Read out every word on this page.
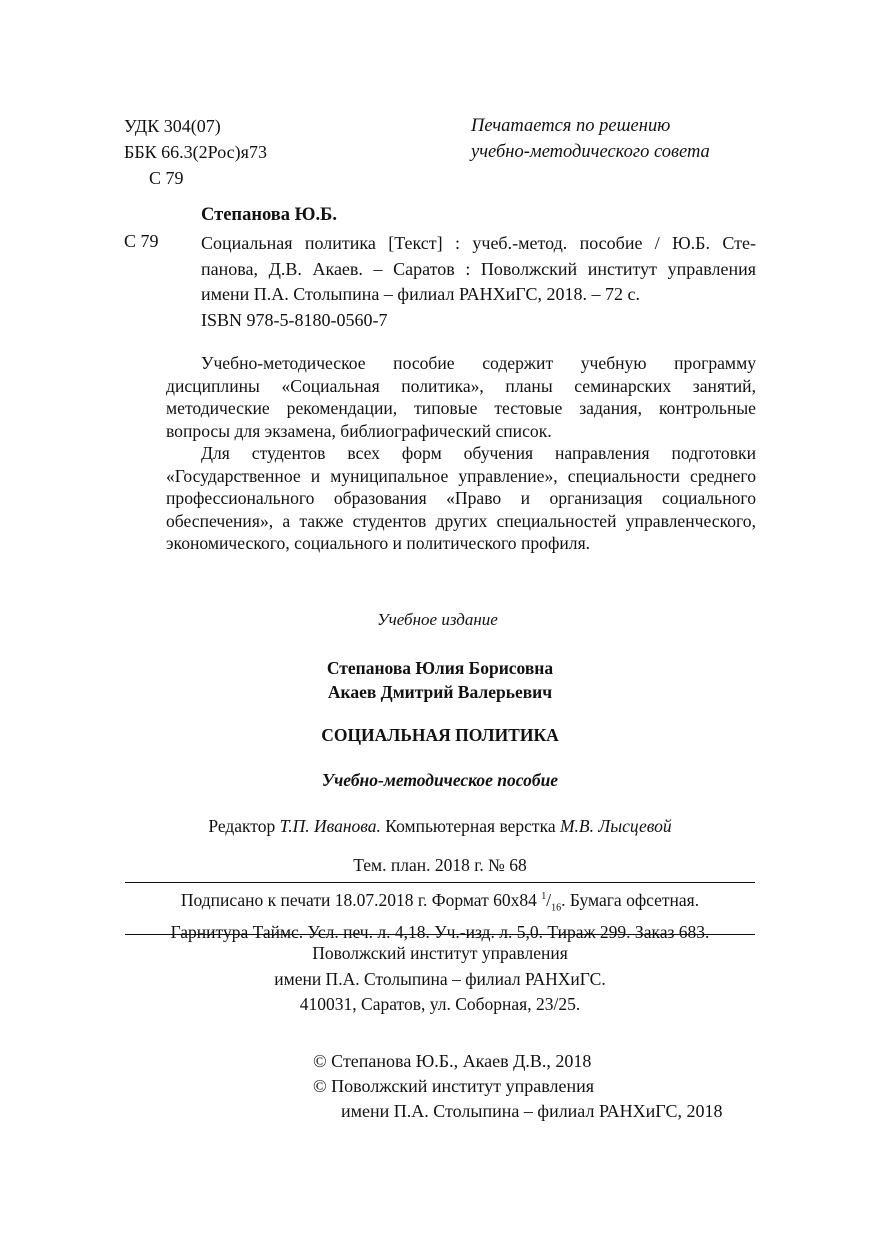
УДК 304(07)
ББК 66.3(2Рос)я73
С 79
Печатается по решению
учебно-методического совета
Степанова Ю.Б.
С 79 Социальная политика [Текст] : учеб.-метод. пособие / Ю.Б. Сте-
панова, Д.В. Акаев. – Саратов : Поволжский институт управления
имени П.А. Столыпина – филиал РАНХиГС, 2018. – 72 с.
ISBN 978-5-8180-0560-7

Учебно-методическое пособие содержит учебную программу дисциплины «Социальная политика», планы семинарских занятий, методические рекомендации, типовые тестовые задания, контрольные вопросы для экзамена, библиографический список.

Для студентов всех форм обучения направления подготовки «Государственное и муниципальное управление», специальности среднего профессионального образования «Право и организация социального обеспечения», а также студентов других специальностей управленческого, экономического, социального и политического профиля.

Учебное издание
Степанова Юлия Борисовна
Акаев Дмитрий Валерьевич
СОЦИАЛЬНАЯ ПОЛИТИКА
Учебно-методическое пособие
Редактор Т.П. Иванова. Компьютерная верстка М.В. Лысцевой
Тем. план. 2018 г. № 68
Подписано к печати 18.07.2018 г. Формат 60x84 $^1/_{16}$. Бумага офсетная.
Гарнитура Таймс. Усл. печ. л. 4,18. Уч.-изд. л. 5,0. Тираж 299. Заказ 683.
Поволжский институт управления
имени П.А. Столыпина – филиал РАНХиГС.
410031, Саратов, ул. Соборная, 23/25.
© Степанова Ю.Б., Акаев Д.В., 2018
© Поволжский институт управления
имени П.А. Столыпина – филиал РАНХиГС, 2018
